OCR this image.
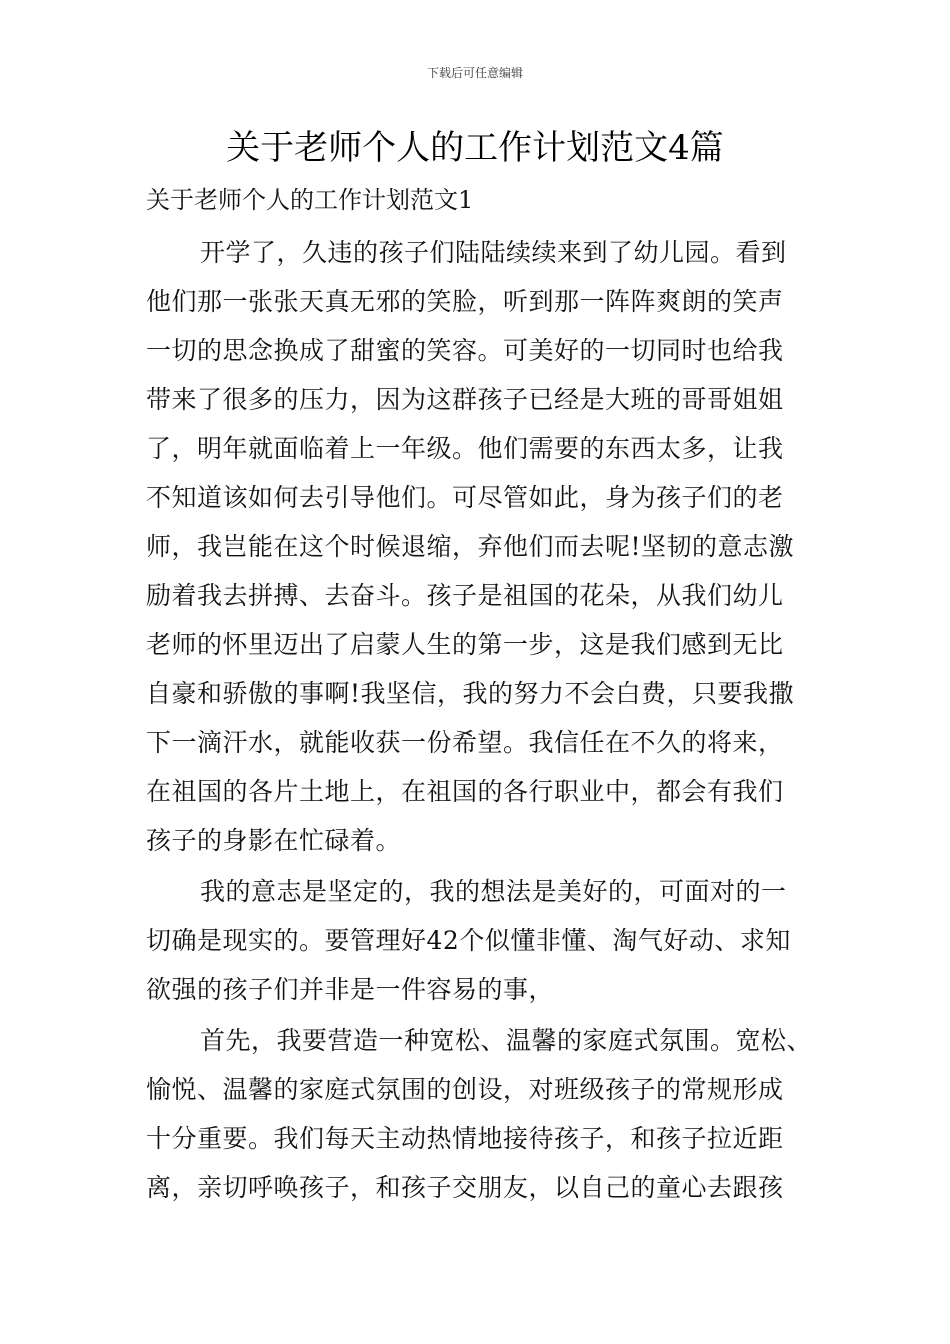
下载后可任意编辑
关于老师个人的工作计划范文4篇
关于老师个人的工作计划范文1

开学了，久违的孩子们陆陆续续来到了幼儿园。看到
他们那一张张天真无邪的笑脸，听到那一阵阵爽朗的笑声
一切的思念换成了甜蜜的笑容。可美好的一切同时也给我
带来了很多的压力，因为这群孩子已经是大班的哥哥姐姐
了，明年就面临着上一年级。他们需要的东西太多，让我
不知道该如何去引导他们。可尽管如此，身为孩子们的老
师，我岂能在这个时候退缩，弃他们而去呢!坚韧的意志激
励着我去拼搏、去奋斗。孩子是祖国的花朵，从我们幼儿
老师的怀里迈出了启蒙人生的第一步，这是我们感到无比
自豪和骄傲的事啊!我坚信，我的努力不会白费，只要我撒
下一滴汗水，就能收获一份希望。我信任在不久的将来，
在祖国的各片土地上，在祖国的各行职业中，都会有我们
孩子的身影在忙碌着。

我的意志是坚定的，我的想法是美好的，可面对的一
切确是现实的。要管理好42个似懂非懂、淘气好动、求知
欲强的孩子们并非是一件容易的事，

首先，我要营造一种宽松、温馨的家庭式氛围。宽松、
愉悦、温馨的家庭式氛围的创设，对班级孩子的常规形成
十分重要。我们每天主动热情地接待孩子，和孩子拉近距
离，亲切呼唤孩子，和孩子交朋友，以自己的童心去跟孩
